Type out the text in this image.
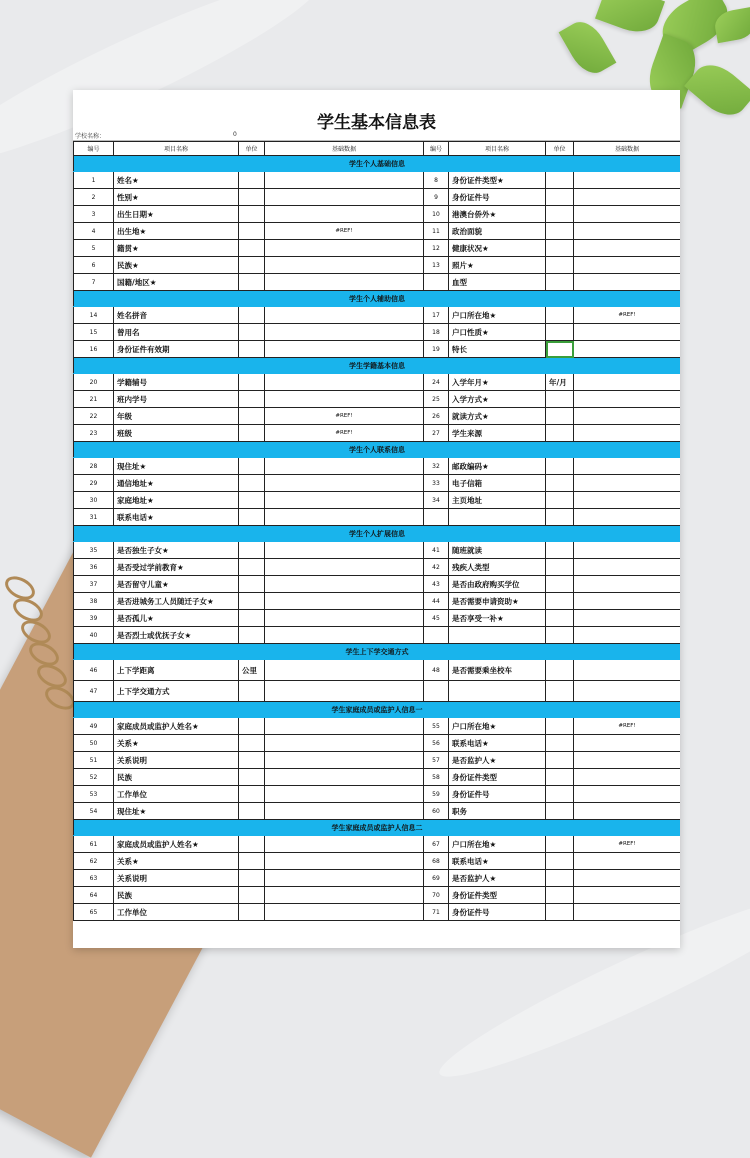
学生基本信息表
学校名称：	0
编号	项目名称	单位	基础数据	编号	项目名称	单位	基础数据
学生个人基础信息							
1	姓名★			8	身份证件类型★		
2	性别★			9	身份证件号		
3	出生日期★			10	港澳台侨外★		
4	出生地★		#REF!	11	政治面貌		
5	籍贯★			12	健康状况★		
6	民族★			13	照片★		
7	国籍/地区★				血型		
学生个人辅助信息							
14	姓名拼音			17	户口所在地★		#REF!
15	曾用名			18	户口性质★		
16	身份证件有效期			19	特长		
学生学籍基本信息							
20	学籍辅号			24	入学年月★	年/月	
21	班内学号			25	入学方式★		
22	年级		#REF!	26	就读方式★		
23	班级		#REF!	27	学生来源		
学生个人联系信息							
28	现住址★			32	邮政编码★		
29	通信地址★			33	电子信箱		
30	家庭地址★			34	主页地址		
31	联系电话★						
学生个人扩展信息							
35	是否独生子女★			41	随班就读		
36	是否受过学前教育★			42	残疾人类型		
37	是否留守儿童★			43	是否由政府购买学位		
38	是否进城务工人员随迁子女★			44	是否需要申请资助★		
39	是否孤儿★			45	是否享受一补★		
40	是否烈士或优抚子女★						
学生上下学交通方式							
46	上下学距离	公里		48	是否需要乘坐校车		
47	上下学交通方式						
学生家庭成员或监护人信息一							
49	家庭成员或监护人姓名★			55	户口所在地★		#REF!
50	关系★			56	联系电话★		
51	关系说明			57	是否监护人★		
52	民族			58	身份证件类型		
53	工作单位			59	身份证件号		
54	现住址★			60	职务		
学生家庭成员或监护人信息二							
61	家庭成员或监护人姓名★			67	户口所在地★		#REF!
62	关系★			68	联系电话★		
63	关系说明			69	是否监护人★		
64	民族			70	身份证件类型		
65	工作单位			71	身份证件号		
